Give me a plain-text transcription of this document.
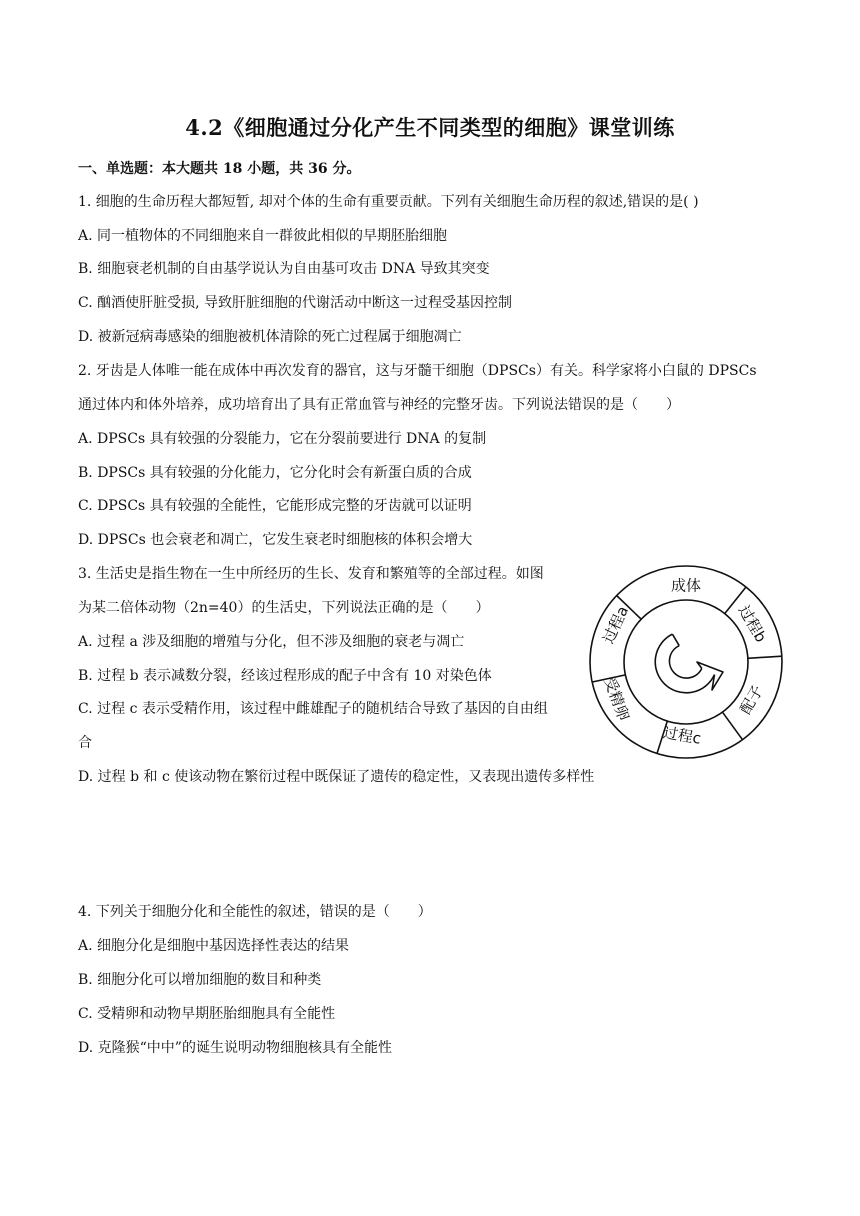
4.2《细胞通过分化产生不同类型的细胞》课堂训练
一、单选题：本大题共 18 小题，共 36 分。
1. 细胞的生命历程大都短暂, 却对个体的生命有重要贡献。下列有关细胞生命历程的叙述,错误的是( )
A. 同一植物体的不同细胞来自一群彼此相似的早期胚胎细胞
B. 细胞衰老机制的自由基学说认为自由基可攻击 DNA 导致其突变
C. 酗酒使肝脏受损, 导致肝脏细胞的代谢活动中断这一过程受基因控制
D. 被新冠病毒感染的细胞被机体清除的死亡过程属于细胞凋亡
2. 牙齿是人体唯一能在成体中再次发育的器官，这与牙髓干细胞（DPSCs）有关。科学家将小白鼠的 DPSCs
通过体内和体外培养，成功培育出了具有正常血管与神经的完整牙齿。下列说法错误的是（　　）
A. DPSCs 具有较强的分裂能力，它在分裂前要进行 DNA 的复制
B. DPSCs 具有较强的分化能力，它分化时会有新蛋白质的合成
C. DPSCs 具有较强的全能性，它能形成完整的牙齿就可以证明
D. DPSCs 也会衰老和凋亡，它发生衰老时细胞核的体积会增大
3. 生活史是指生物在一生中所经历的生长、发育和繁殖等的全部过程。如图
为某二倍体动物（2n=40）的生活史，下列说法正确的是（　　）
A. 过程 a 涉及细胞的增殖与分化，但不涉及细胞的衰老与凋亡
B. 过程 b 表示减数分裂，经该过程形成的配子中含有 10 对染色体
C. 过程 c 表示受精作用，该过程中雌雄配子的随机结合导致了基因的自由组
合
D. 过程 b 和 c 使该动物在繁衍过程中既保证了遗传的稳定性，又表现出遗传多样性
成体
过程b
配子
过程c
受精卵
过程a
4. 下列关于细胞分化和全能性的叙述，错误的是（　　）
A. 细胞分化是细胞中基因选择性表达的结果
B. 细胞分化可以增加细胞的数目和种类
C. 受精卵和动物早期胚胎细胞具有全能性
D. 克隆猴“中中”的诞生说明动物细胞核具有全能性
